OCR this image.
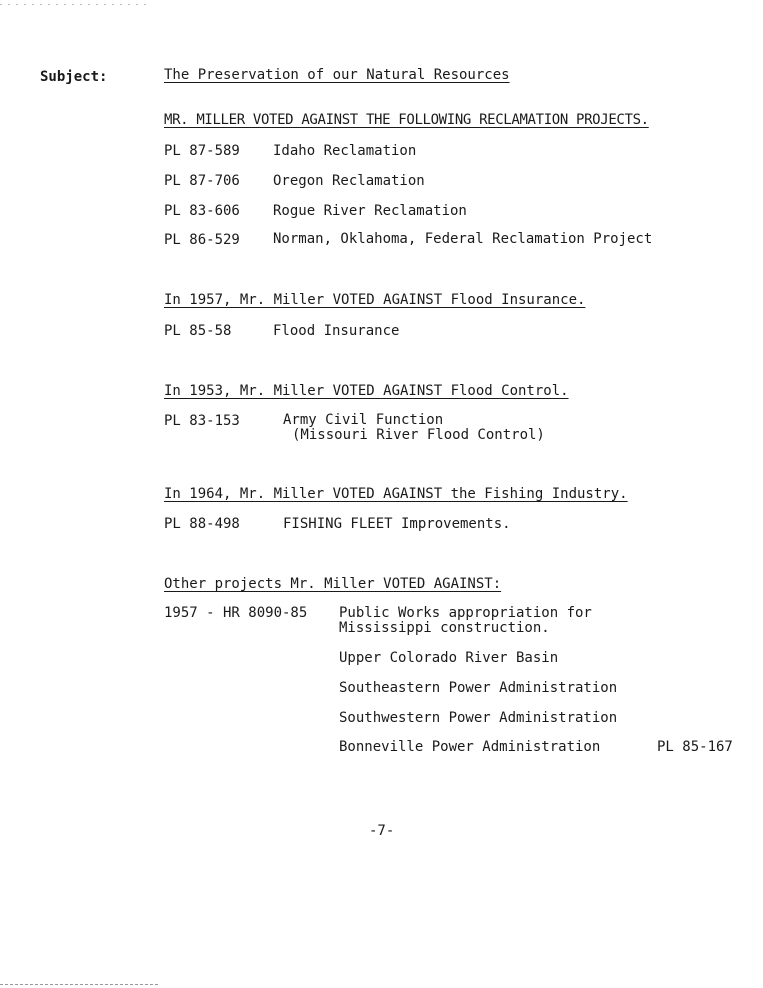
Subject:	The Preservation of our Natural Resources
MR. MILLER VOTED AGAINST THE FOLLOWING RECLAMATION PROJECTS.
PL 87-589 Idaho Reclamation
PL 87-706 Oregon Reclamation
PL 83-606 Rogue River Reclamation
PL 86-529 Norman, Oklahoma, Federal Reclamation Project
In 1957, Mr. Miller VOTED AGAINST Flood Insurance.
PL 85-58	Flood Insurance
In 1953, Mr. Miller VOTED AGAINST Flood Control.
PL 83-153	Army Civil Function
(Missouri River Flood Control)
In 1964, Mr. Miller VOTED AGAINST the Fishing Industry.
PL 88-498	FISHING FLEET Improvements.
Other projects Mr. Miller VOTED AGAINST:
1957 - HR 8090-85 Public Works appropriation for
Mississippi construction.
Upper Colorado River Basin
Southeastern Power Administration
Southwestern Power Administration
Bonneville Power Administration	PL 85-167
-7-
